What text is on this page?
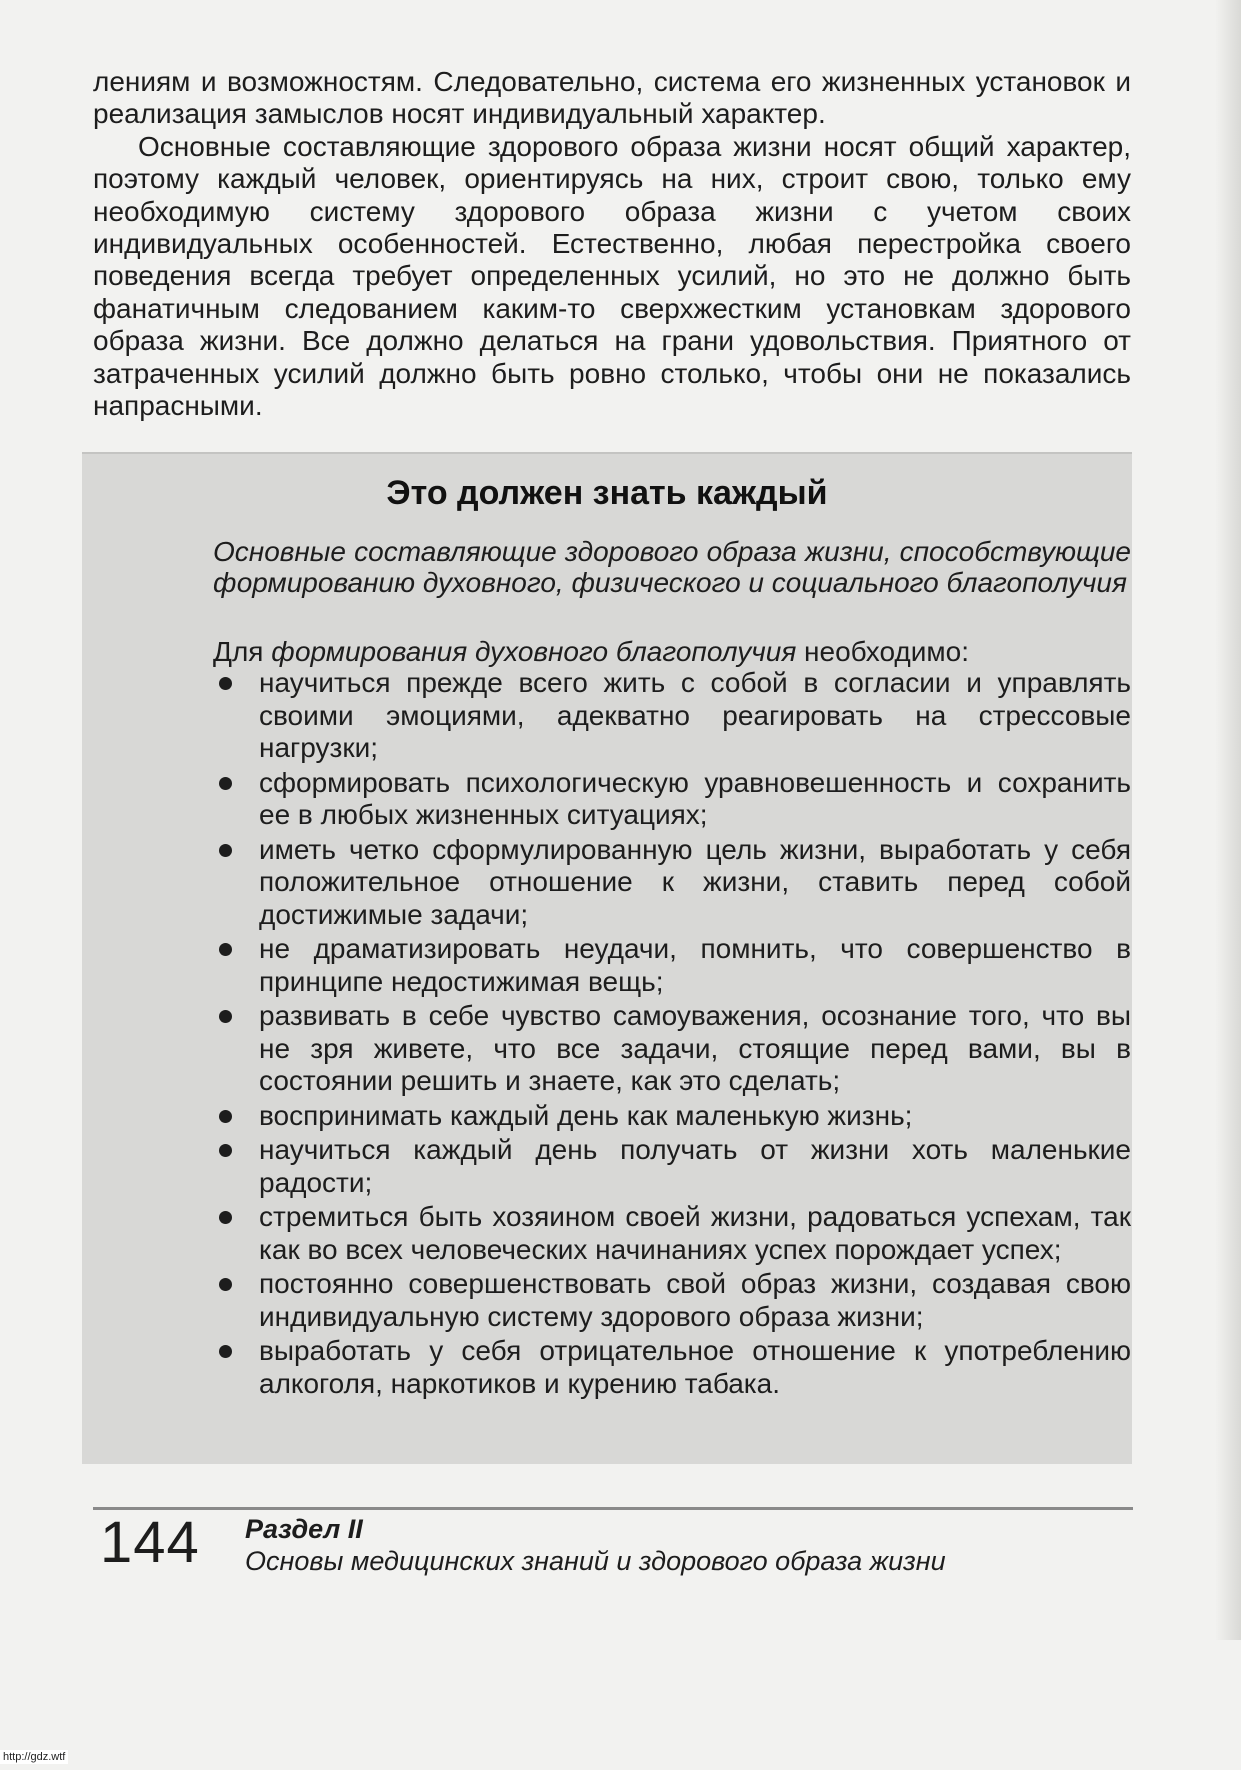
лениям и возможностям. Следовательно, система его жизненных установок и реализация замыслов носят индивидуальный характер.

Основные составляющие здорового образа жизни носят общий характер, поэтому каждый человек, ориентируясь на них, строит свою, только ему необходимую систему здорового образа жизни с учетом своих индивидуальных особенностей. Естественно, любая перестройка своего поведения всегда требует определенных усилий, но это не должно быть фанатичным следованием каким-то сверхжестким установкам здорового образа жизни. Все должно делаться на грани удовольствия. Приятного от затраченных усилий должно быть ровно столько, чтобы они не показались напрасными.

Это должен знать каждый
Основные составляющие здорового образа жизни, способствующие формированию духовного, физического и социального благополучия
Для формирования духовного благополучия необходимо:
научиться прежде всего жить с собой в согласии и управлять своими эмоциями, адекватно реагировать на стрессовые нагрузки;
сформировать психологическую уравновешенность и сохранить ее в любых жизненных ситуациях;
иметь четко сформулированную цель жизни, выработать у себя положительное отношение к жизни, ставить перед собой достижимые задачи;
не драматизировать неудачи, помнить, что совершенство в принципе недостижимая вещь;
развивать в себе чувство самоуважения, осознание того, что вы не зря живете, что все задачи, стоящие перед вами, вы в состоянии решить и знаете, как это сделать;
воспринимать каждый день как маленькую жизнь;
научиться каждый день получать от жизни хоть маленькие радости;
стремиться быть хозяином своей жизни, радоваться успехам, так как во всех человеческих начинаниях успех порождает успех;
постоянно совершенствовать свой образ жизни, создавая свою индивидуальную систему здорового образа жизни;
выработать у себя отрицательное отношение к употреблению алкоголя, наркотиков и курению табака.
144 Раздел II
Основы медицинских знаний и здорового образа жизни
http://gdz.wtf
